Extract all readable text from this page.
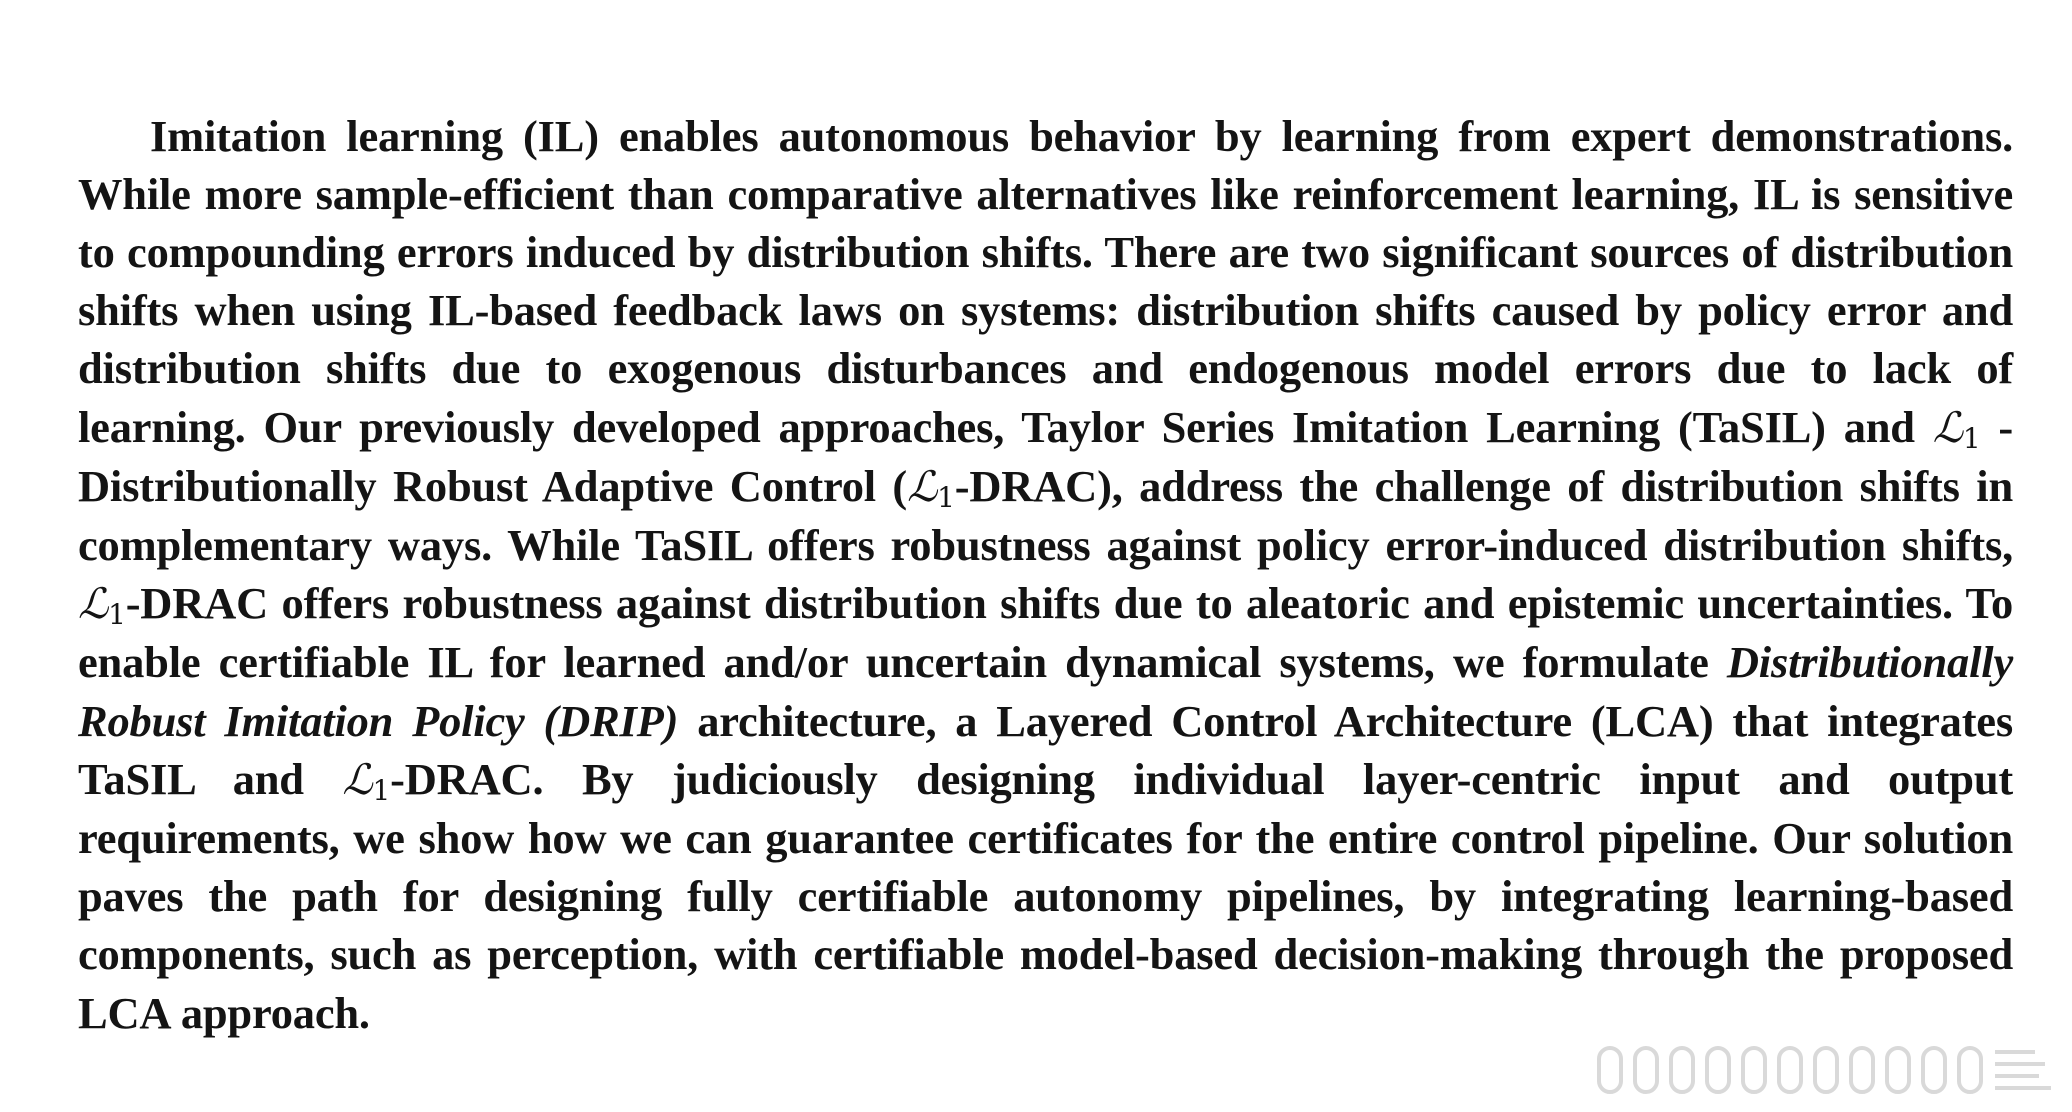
Imitation learning (IL) enables autonomous behavior by learning from expert demonstrations. While more sample-efficient than comparative alternatives like reinforcement learning, IL is sensitive to compounding errors induced by distribution shifts. There are two significant sources of distribution shifts when using IL-based feedback laws on systems: distribution shifts caused by policy error and distribution shifts due to exogenous disturbances and endogenous model errors due to lack of learning. Our previously developed approaches, Taylor Series Imitation Learning (TaSIL) and ℒ$_1$ -Distributionally Robust Adaptive Control (ℒ$_1$-DRAC), address the challenge of distribution shifts in complementary ways. While TaSIL offers robustness against policy error-induced distribution shifts, ℒ$_1$-DRAC offers robustness against distribution shifts due to aleatoric and epistemic uncertainties. To enable certifiable IL for learned and/or uncertain dynamical systems, we formulate Distributionally Robust Imitation Policy (DRIP) architecture, a Layered Control Architecture (LCA) that integrates TaSIL and ℒ$_1$-DRAC. By judiciously designing individual layer-centric input and output requirements, we show how we can guarantee certificates for the entire control pipeline. Our solution paves the path for designing fully certifiable autonomy pipelines, by integrating learning-based components, such as perception, with certifiable model-based decision-making through the proposed LCA approach.
